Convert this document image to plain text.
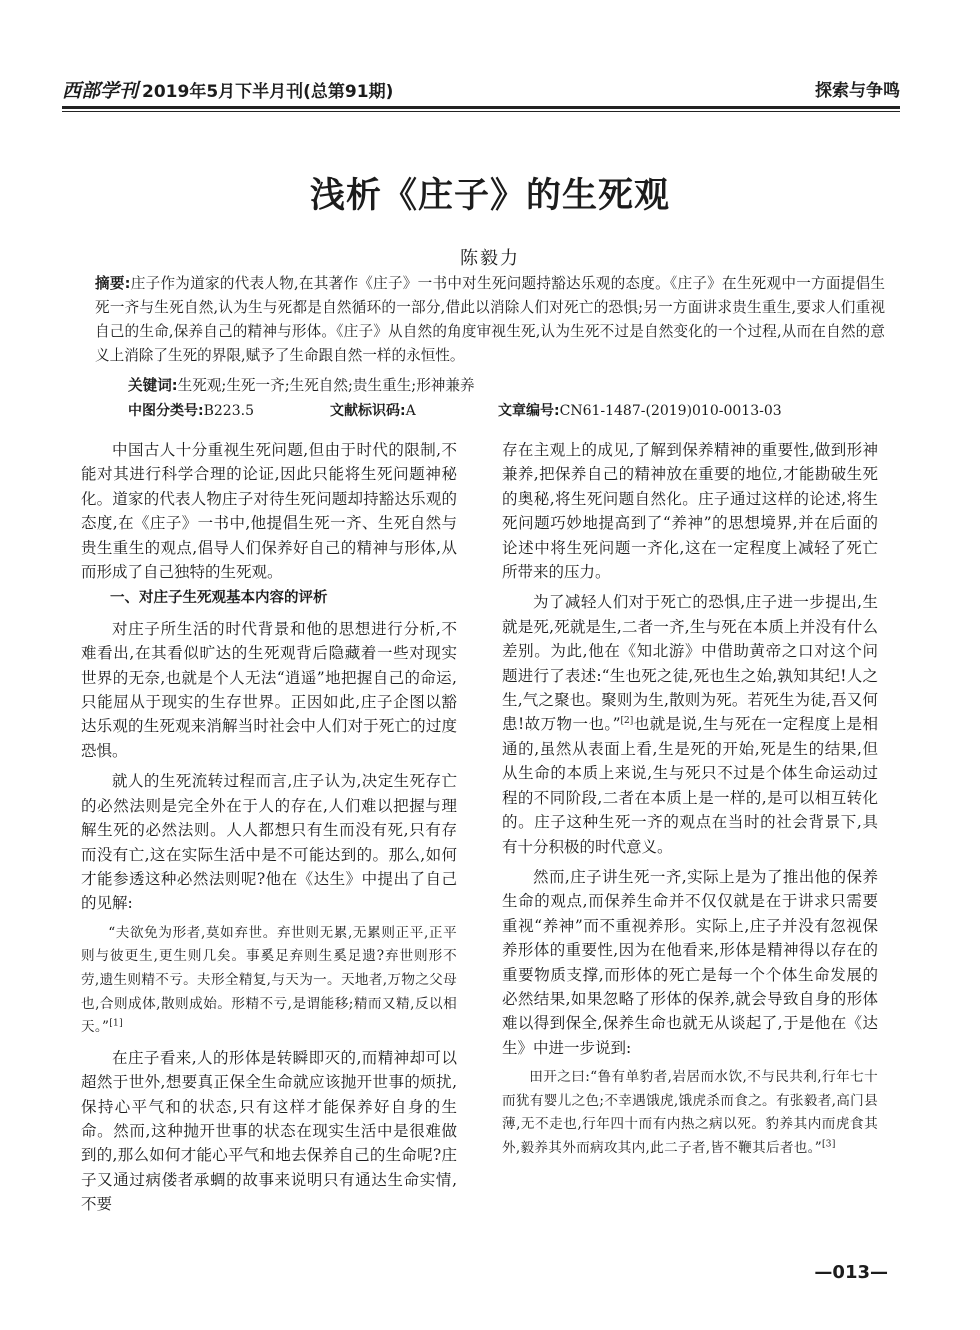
西部学刊 2019年5月下半月刊(总第91期)	探索与争鸣
浅析《庄子》的生死观
陈毅力

摘要:庄子作为道家的代表人物,在其著作《庄子》一书中对生死问题持豁达乐观的态度。《庄子》在生死观中一方面提倡生死一齐与生死自然,认为生与死都是自然循环的一部分,借此以消除人们对死亡的恐惧;另一方面讲求贵生重生,要求人们重视自己的生命,保养自己的精神与形体。《庄子》从自然的角度审视生死,认为生死不过是自然变化的一个过程,从而在自然的意义上消除了生死的界限,赋予了生命跟自然一样的永恒性。

关键词:生死观;生死一齐;生死自然;贵生重生;形神兼养
中图分类号:B223.5	文献标识码:A	文章编号:CN61-1487-(2019)010-0013-03

中国古人十分重视生死问题,但由于时代的限制,不能对其进行科学合理的论证,因此只能将生死问题神秘化。道家的代表人物庄子对待生死问题却持豁达乐观的态度,在《庄子》一书中,他提倡生死一齐、生死自然与贵生重生的观点,倡导人们保养好自己的精神与形体,从而形成了自己独特的生死观。

一、对庄子生死观基本内容的评析

对庄子所生活的时代背景和他的思想进行分析,不难看出,在其看似旷达的生死观背后隐藏着一些对现实世界的无奈,也就是个人无法“逍遥”地把握自己的命运,只能屈从于现实的生存世界。正因如此,庄子企图以豁达乐观的生死观来消解当时社会中人们对于死亡的过度恐惧。

就人的生死流转过程而言,庄子认为,决定生死存亡的必然法则是完全外在于人的存在,人们难以把握与理解生死的必然法则。人人都想只有生而没有死,只有存而没有亡,这在实际生活中是不可能达到的。那么,如何才能参透这种必然法则呢?他在《达生》中提出了自己的见解:

“夫欲免为形者,莫如弃世。弃世则无累,无累则正平,正平则与彼更生,更生则几矣。事奚足弃则生奚足遗?弃世则形不劳,遗生则精不亏。夫形全精复,与天为一。天地者,万物之父母也,合则成体,散则成始。形精不亏,是谓能移;精而又精,反以相天。”[1]

在庄子看来,人的形体是转瞬即灭的,而精神却可以超然于世外,想要真正保全生命就应该抛开世事的烦扰,保持心平气和的状态,只有这样才能保养好自身的生命。然而,这种抛开世事的状态在现实生活中是很难做到的,那么如何才能心平气和地去保养自己的生命呢?庄子又通过病偻者承蜩的故事来说明只有通达生命实情,不要

存在主观上的成见,了解到保养精神的重要性,做到形神兼养,把保养自己的精神放在重要的地位,才能勘破生死的奥秘,将生死问题自然化。庄子通过这样的论述,将生死问题巧妙地提高到了“养神”的思想境界,并在后面的论述中将生死问题一齐化,这在一定程度上减轻了死亡所带来的压力。

为了减轻人们对于死亡的恐惧,庄子进一步提出,生就是死,死就是生,二者一齐,生与死在本质上并没有什么差别。为此,他在《知北游》中借助黄帝之口对这个问题进行了表述:“生也死之徒,死也生之始,孰知其纪!人之生,气之聚也。聚则为生,散则为死。若死生为徒,吾又何患!故万物一也。”[2]也就是说,生与死在一定程度上是相通的,虽然从表面上看,生是死的开始,死是生的结果,但从生命的本质上来说,生与死只不过是个体生命运动过程的不同阶段,二者在本质上是一样的,是可以相互转化的。庄子这种生死一齐的观点在当时的社会背景下,具有十分积极的时代意义。

然而,庄子讲生死一齐,实际上是为了推出他的保养生命的观点,而保养生命并不仅仅就是在于讲求只需要重视“养神”而不重视养形。实际上,庄子并没有忽视保养形体的重要性,因为在他看来,形体是精神得以存在的重要物质支撑,而形体的死亡是每一个个体生命发展的必然结果,如果忽略了形体的保养,就会导致自身的形体难以得到保全,保养生命也就无从谈起了,于是他在《达生》中进一步说到:

田开之曰:“鲁有单豹者,岩居而水饮,不与民共利,行年七十而犹有婴儿之色;不幸遇饿虎,饿虎杀而食之。有张毅者,高门县薄,无不走也,行年四十而有内热之病以死。豹养其内而虎食其外,毅养其外而病攻其内,此二子者,皆不鞭其后者也。”[3]

—013—
